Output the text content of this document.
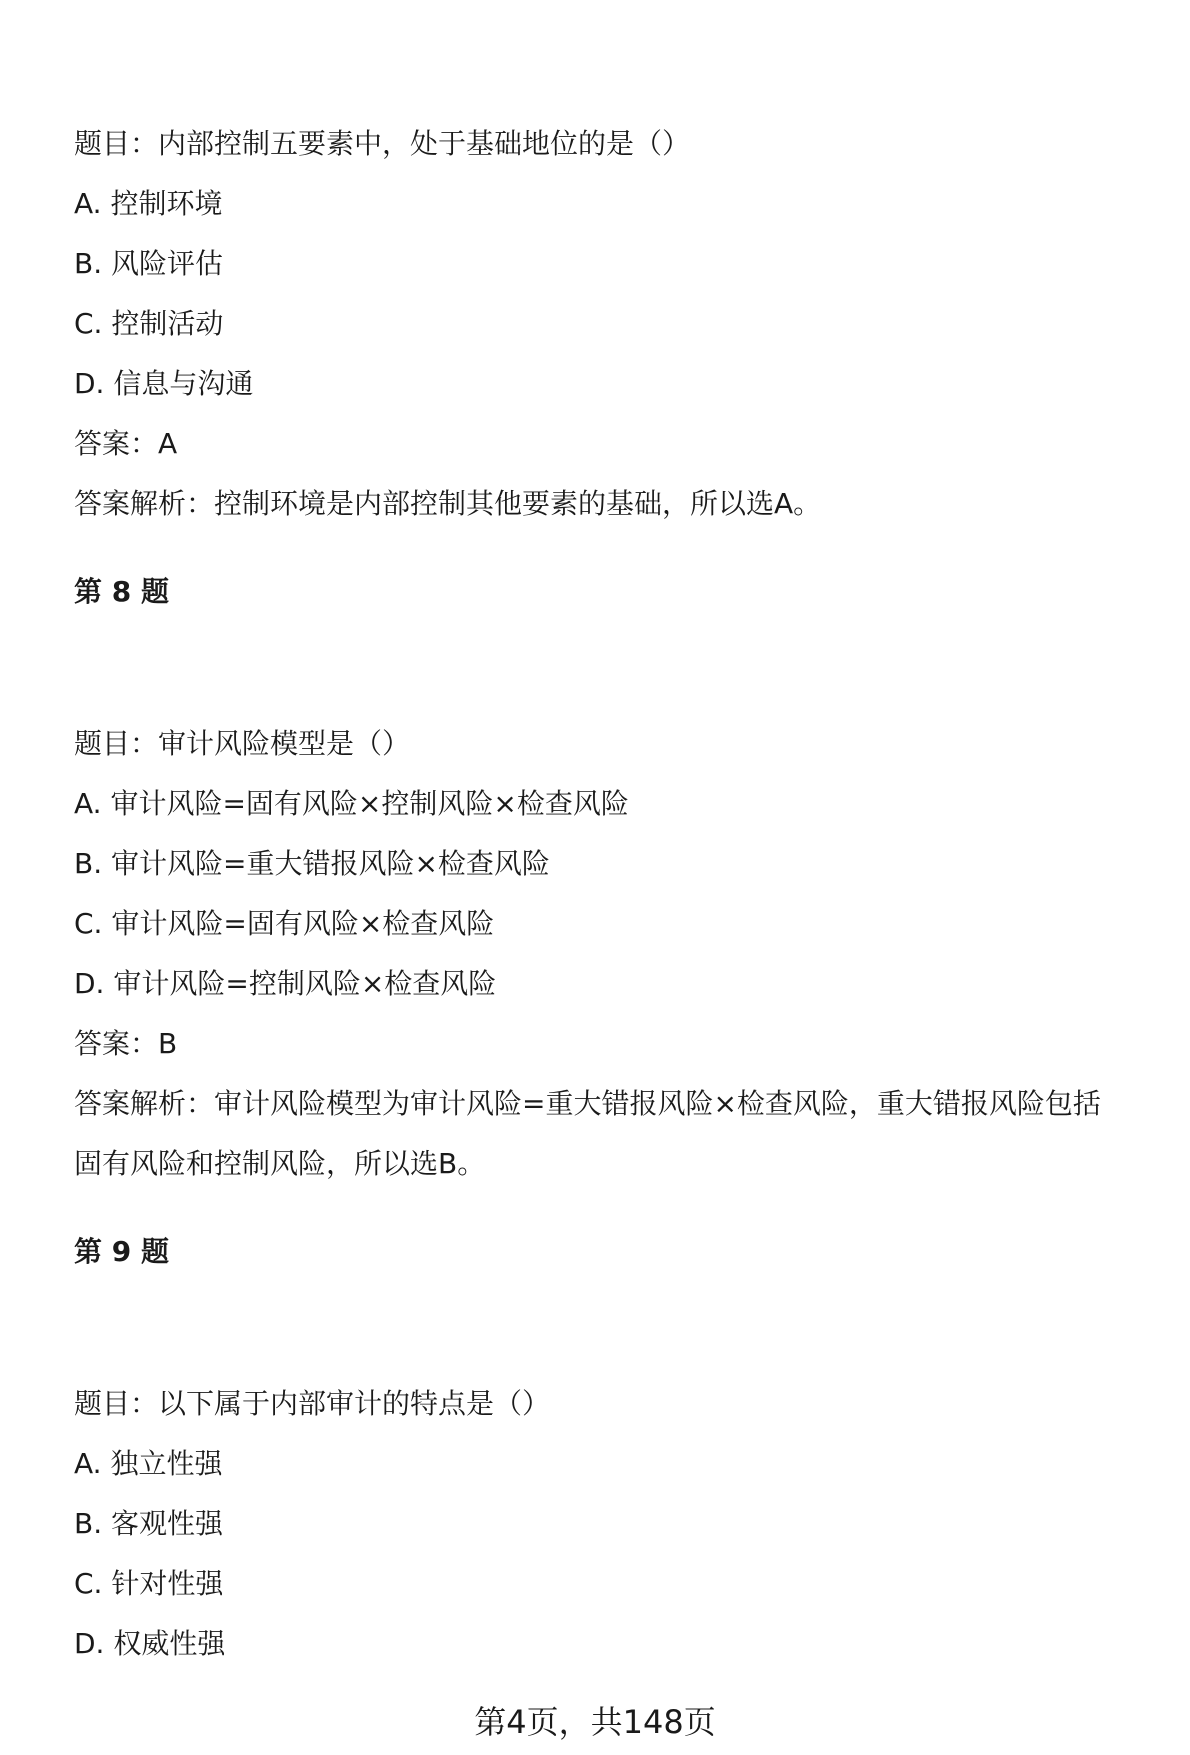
题目：内部控制五要素中，处于基础地位的是（）
A. 控制环境
B. 风险评估
C. 控制活动
D. 信息与沟通
答案：A
答案解析：控制环境是内部控制其他要素的基础，所以选A。
第 8 题
题目：审计风险模型是（）
A. 审计风险=固有风险×控制风险×检查风险
B. 审计风险=重大错报风险×检查风险
C. 审计风险=固有风险×检查风险
D. 审计风险=控制风险×检查风险
答案：B
答案解析：审计风险模型为审计风险=重大错报风险×检查风险，重大错报风险包括
固有风险和控制风险，所以选B。
第 9 题
题目：以下属于内部审计的特点是（）
A. 独立性强
B. 客观性强
C. 针对性强
D. 权威性强
第4页，共148页
